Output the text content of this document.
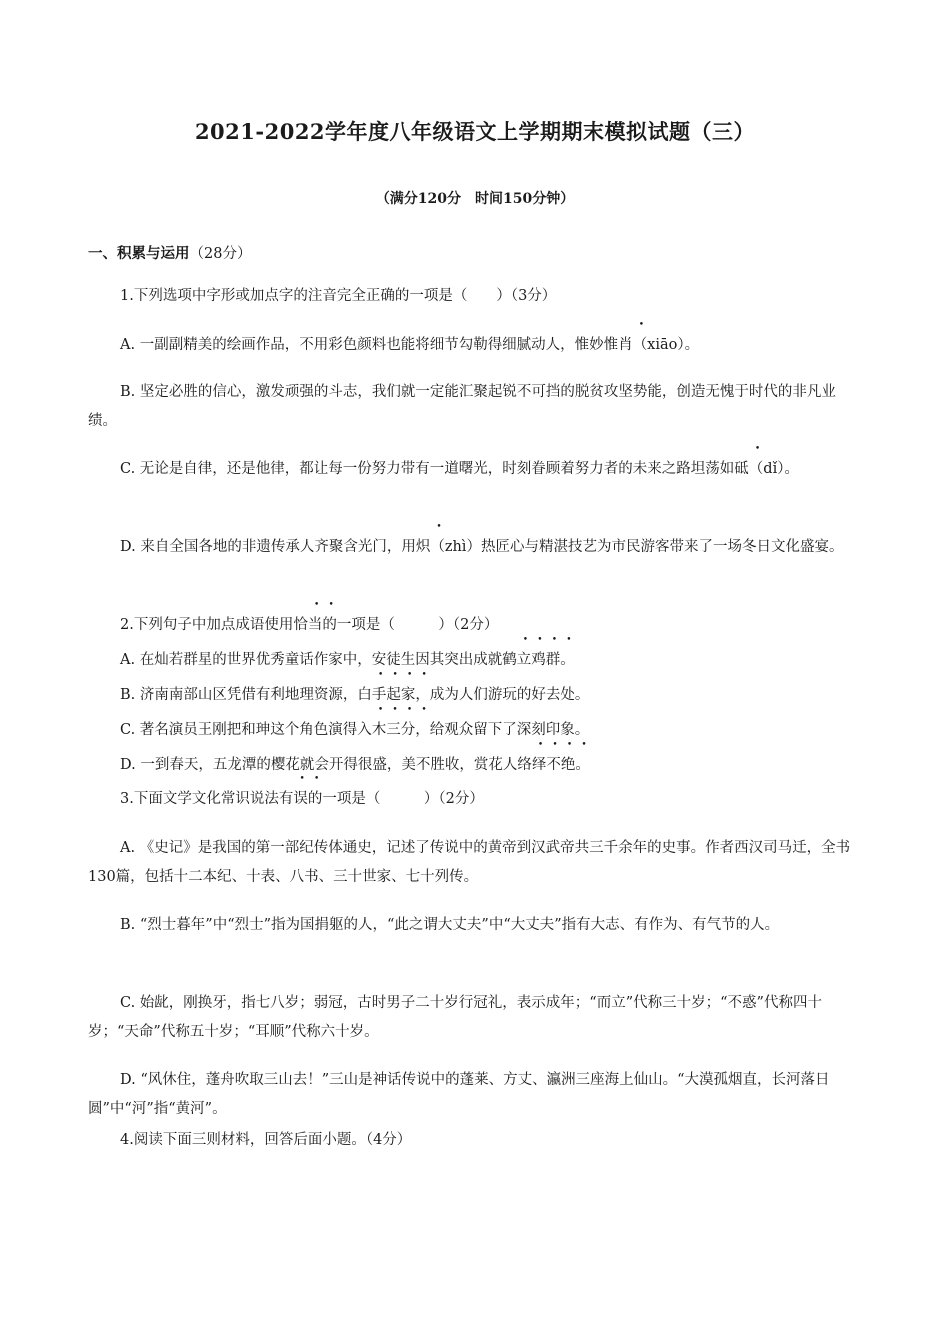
2021-2022学年度八年级语文上学期期末模拟试题（三）
（满分120分　时间150分钟）
一、积累与运用（28分）
1.下列选项中字形或加点字的注音完全正确的一项是（　　）（3分）
A. 一副副精美的绘画作品，不用彩色颜料也能将细节勾勒得细腻动人，惟妙惟肖（xiāo）。
B. 坚定必胜的信心，激发顽强的斗志，我们就一定能汇聚起锐不可挡的脱贫攻坚势能，创造无愧于时代的非凡业绩。
C. 无论是自律，还是他律，都让每一份努力带有一道曙光，时刻眷顾着努力者的未来之路坦荡如砥（dǐ）。
D. 来自全国各地的非遗传承人齐聚含光门，用炽（zhì）热匠心与精湛技艺为市民游客带来了一场冬日文化盛宴。
2.下列句子中加点成语使用恰当的一项是（　　　）（2分）
A. 在灿若群星的世界优秀童话作家中，安徒生因其突出成就鹤立鸡群。
B. 济南南部山区凭借有利地理资源，白手起家，成为人们游玩的好去处。
C. 著名演员王刚把和珅这个角色演得入木三分，给观众留下了深刻印象。
D. 一到春天，五龙潭的樱花就会开得很盛，美不胜收，赏花人络绎不绝。
3.下面文学文化常识说法有误的一项是（　　　）（2分）
A. 《史记》是我国的第一部纪传体通史，记述了传说中的黄帝到汉武帝共三千余年的史事。作者西汉司马迁，全书130篇，包括十二本纪、十表、八书、三十世家、七十列传。
B. “烈士暮年”中“烈士”指为国捐躯的人，“此之谓大丈夫”中“大丈夫”指有大志、有作为、有气节的人。
C. 始龀，刚换牙，指七八岁；弱冠，古时男子二十岁行冠礼，表示成年；“而立”代称三十岁；“不惑”代称四十岁；“天命”代称五十岁；“耳顺”代称六十岁。
D. “风休住，蓬舟吹取三山去！”三山是神话传说中的蓬莱、方丈、瀛洲三座海上仙山。“大漠孤烟直，长河落日圆”中“河”指“黄河”。
4.阅读下面三则材料，回答后面小题。（4分）
